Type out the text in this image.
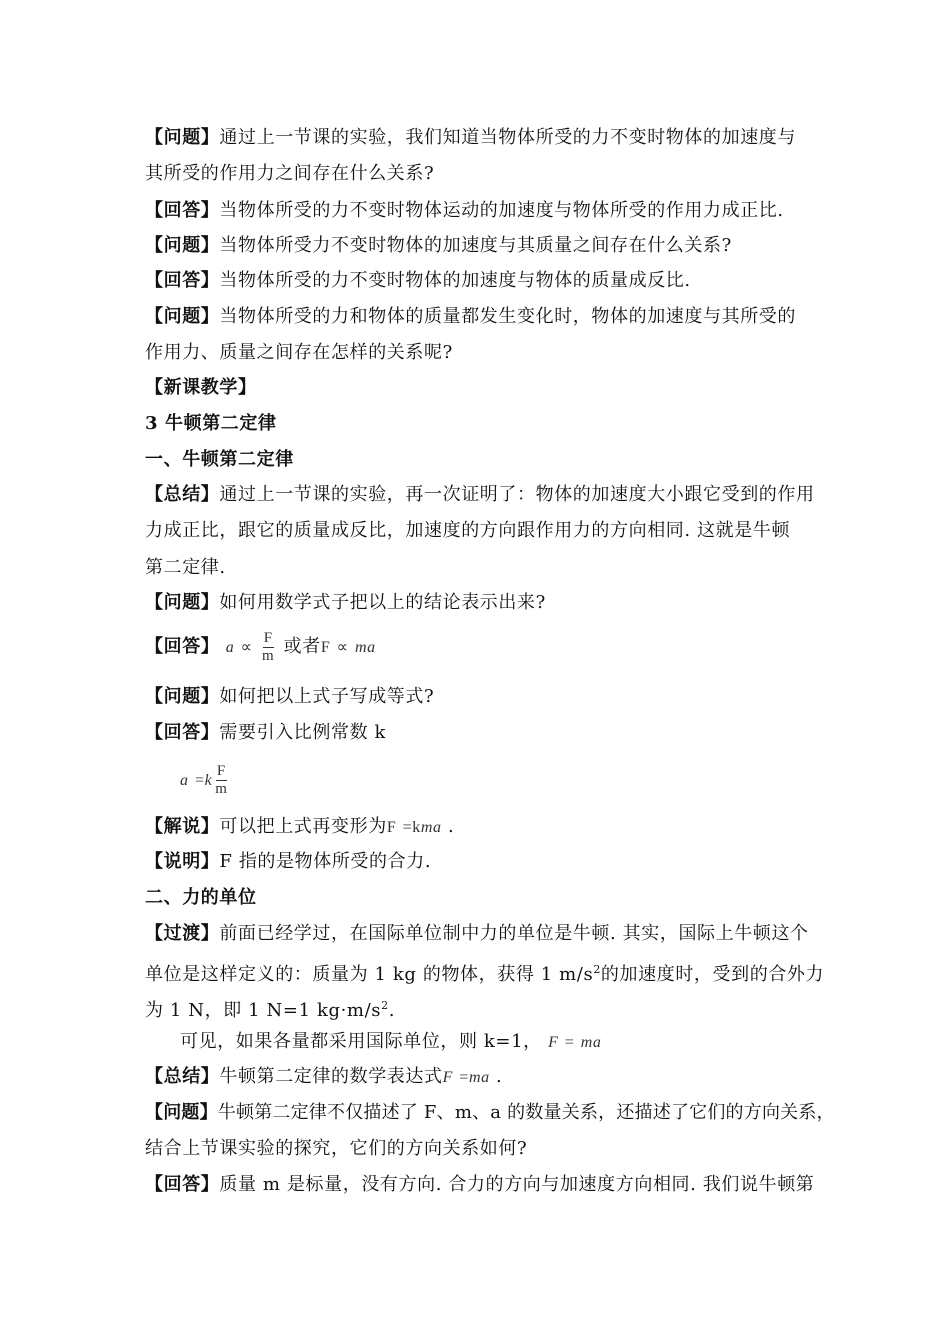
【问题】通过上一节课的实验，我们知道当物体所受的力不变时物体的加速度与
其所受的作用力之间存在什么关系?
【回答】当物体所受的力不变时物体运动的加速度与物体所受的作用力成正比.
【问题】当物体所受力不变时物体的加速度与其质量之间存在什么关系?
【回答】当物体所受的力不变时物体的加速度与物体的质量成反比.
【问题】当物体所受的力和物体的质量都发生变化时，物体的加速度与其所受的
作用力、质量之间存在怎样的关系呢?
【新课教学】
3 牛顿第二定律
一、牛顿第二定律
【总结】通过上一节课的实验，再一次证明了：物体的加速度大小跟它受到的作用
力成正比，跟它的质量成反比，加速度的方向跟作用力的方向相同. 这就是牛顿
第二定律.
【问题】如何用数学式子把以上的结论表示出来?
【回答】 $a \propto \frac{F}{m}$ 或者F ∝ ma
【问题】如何把以上式子写成等式?
【回答】需要引入比例常数 k
$a =k \frac{F}{m}$
【解说】可以把上式再变形为F =kma .
【说明】F 指的是物体所受的合力.
二、力的单位
【过渡】前面已经学过，在国际单位制中力的单位是牛顿. 其实，国际上牛顿这个
单位是这样定义的：质量为 1 kg 的物体，获得 1 $m/s^2$的加速度时，受到的合外力
为 1 N，即 1 N=1 $kg\cdot m/s^2$.
可见，如果各量都采用国际单位，则 k=1， F = ma
【总结】牛顿第二定律的数学表达式F =ma .
【问题】牛顿第二定律不仅描述了 F、m、a 的数量关系，还描述了它们的方向关系，
结合上节课实验的探究，它们的方向关系如何?
【回答】质量 m 是标量，没有方向. 合力的方向与加速度方向相同. 我们说牛顿第
